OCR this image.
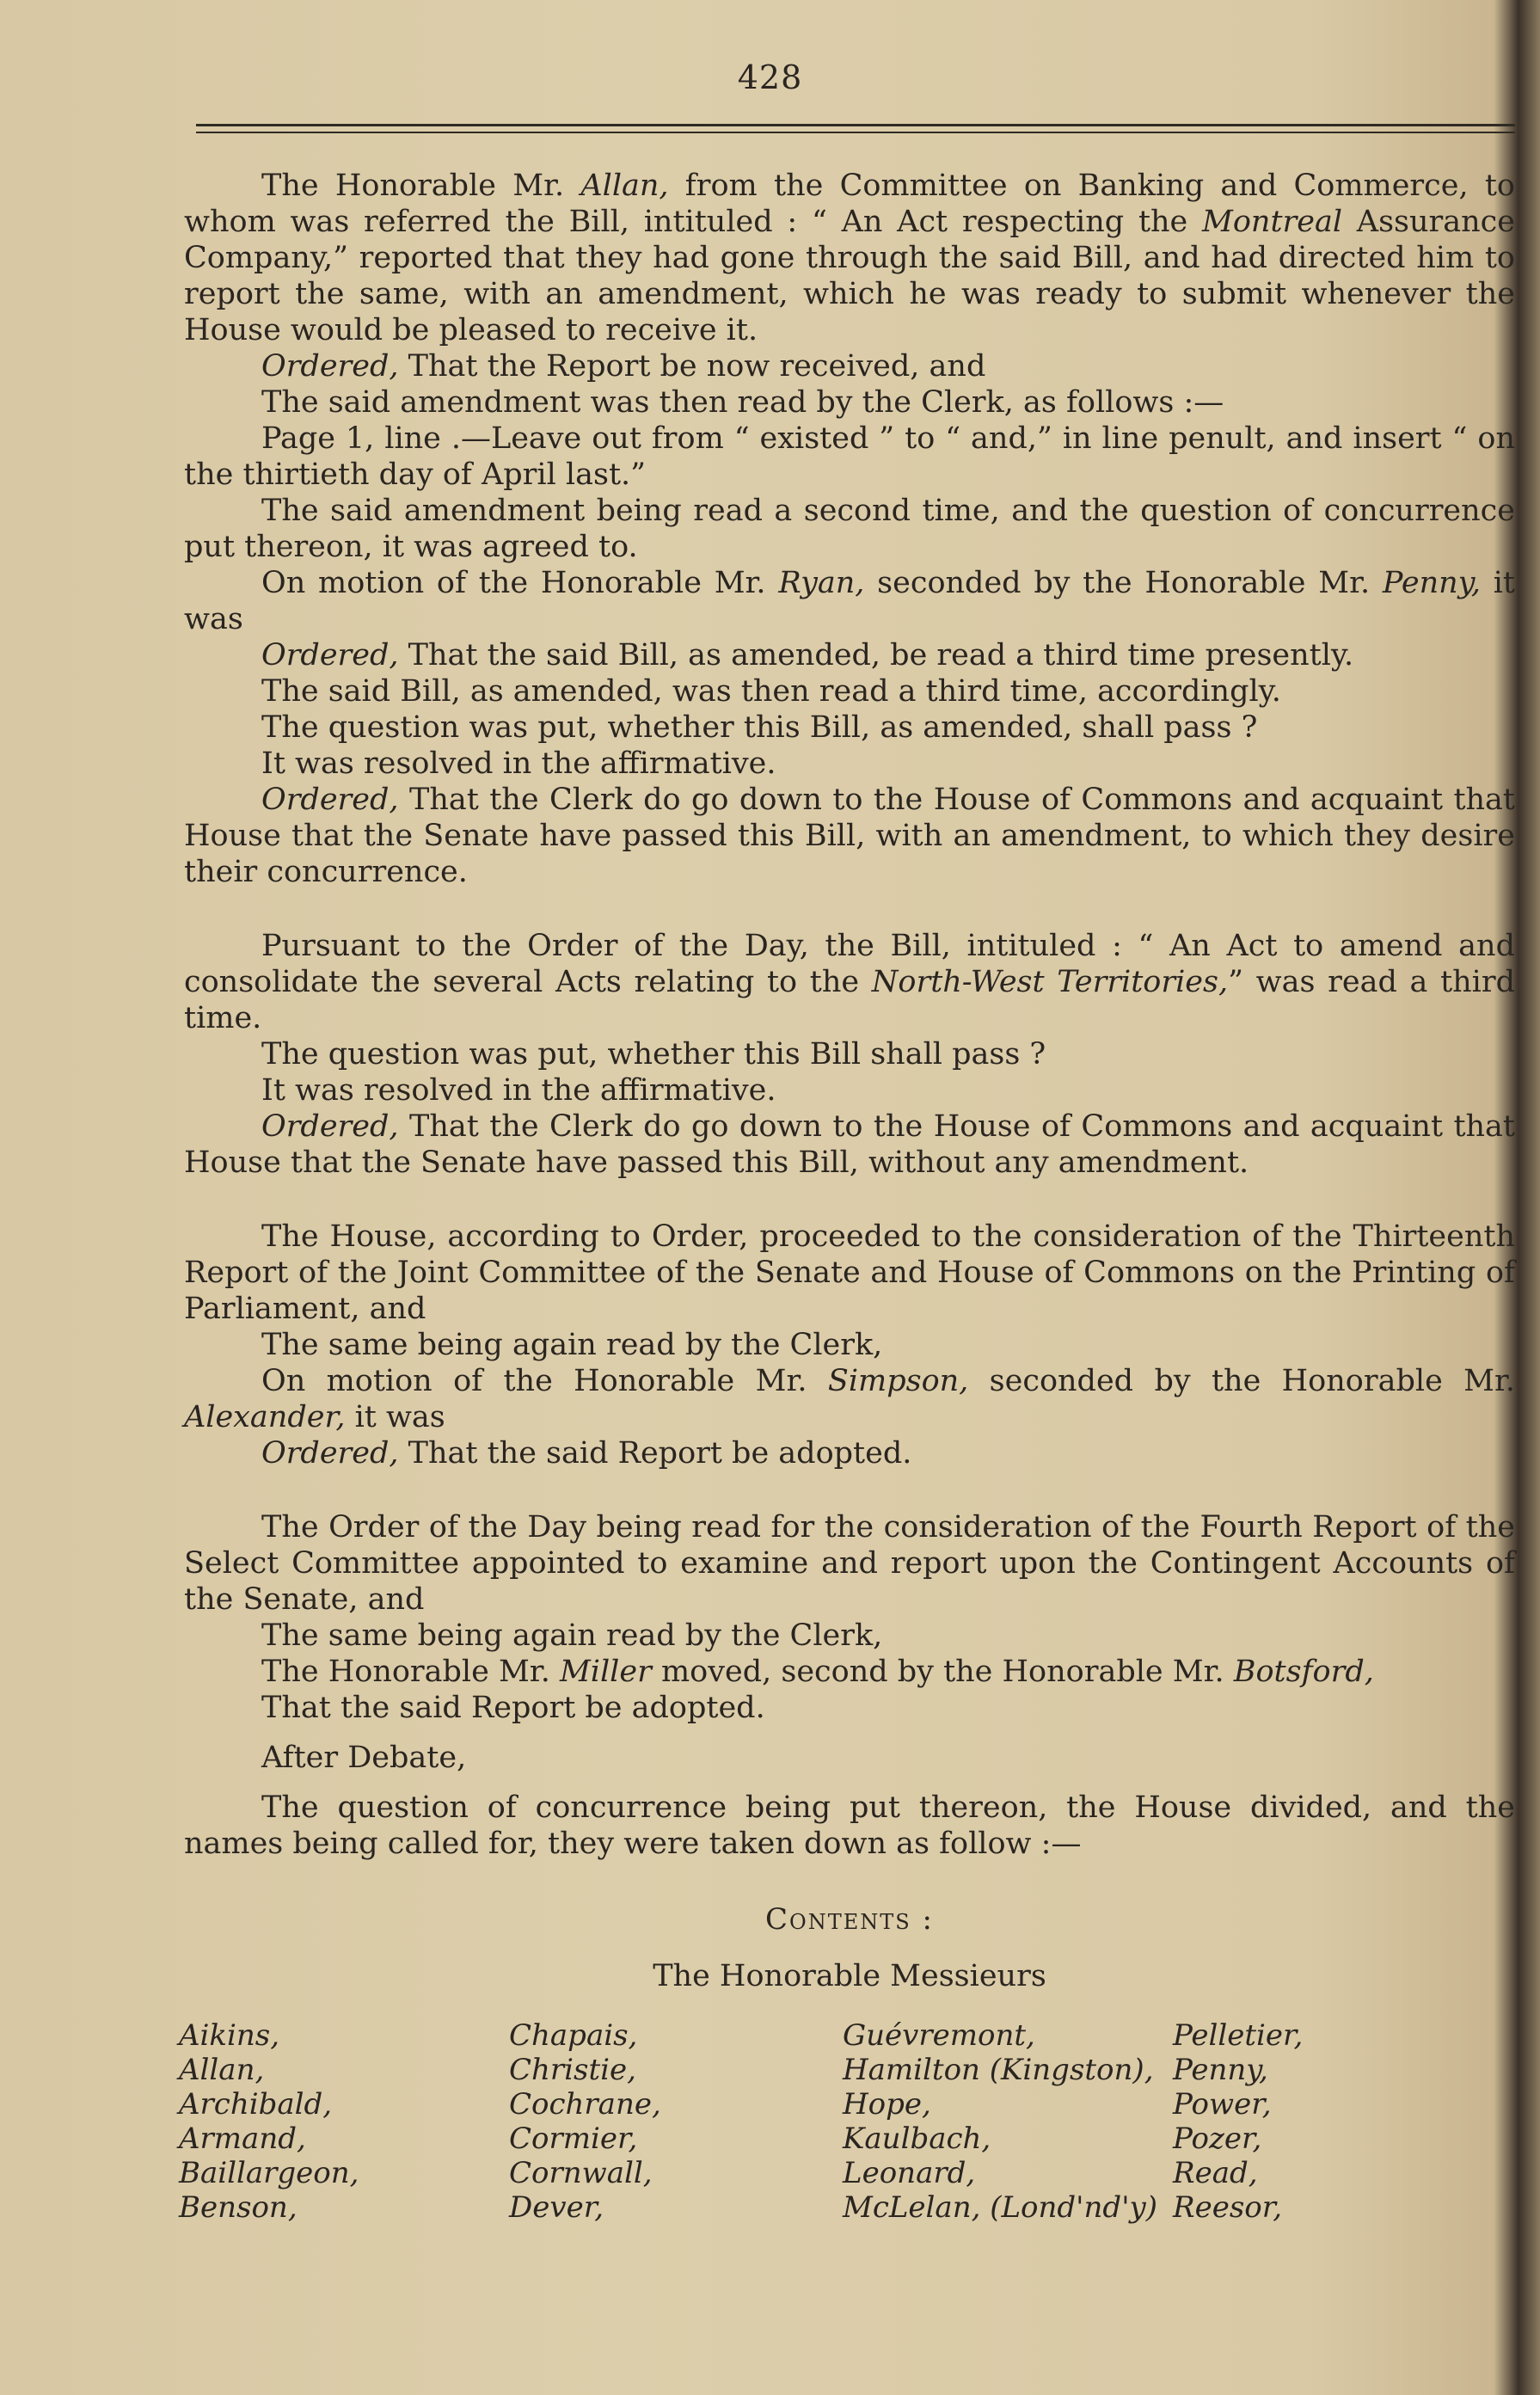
428

The Honorable Mr. Allan, from the Committee on Banking and Commerce, to whom was referred the Bill, intituled : “ An Act respecting the Montreal Assurance Company,” reported that they had gone through the said Bill, and had directed him to report the same, with an amendment, which he was ready to submit whenever the House would be pleased to receive it.

Ordered, That the Report be now received, and

The said amendment was then read by the Clerk, as follows :—

Page 1, line .—Leave out from “ existed ” to “ and,” in line penult, and insert “ on the thirtieth day of April last.”

The said amendment being read a second time, and the question of concurrence put thereon, it was agreed to.

On motion of the Honorable Mr. Ryan, seconded by the Honorable Mr. Penny, it was

Ordered, That the said Bill, as amended, be read a third time presently.

The said Bill, as amended, was then read a third time, accordingly.

The question was put, whether this Bill, as amended, shall pass ?

It was resolved in the affirmative.

Ordered, That the Clerk do go down to the House of Commons and acquaint that House that the Senate have passed this Bill, with an amendment, to which they desire their concurrence.

Pursuant to the Order of the Day, the Bill, intituled : “ An Act to amend and consolidate the several Acts relating to the North-West Territories,” was read a third time.

The question was put, whether this Bill shall pass ?

It was resolved in the affirmative.

Ordered, That the Clerk do go down to the House of Commons and acquaint that House that the Senate have passed this Bill, without any amendment.

The House, according to Order, proceeded to the consideration of the Thirteenth Report of the Joint Committee of the Senate and House of Commons on the Printing of Parliament, and

The same being again read by the Clerk,

On motion of the Honorable Mr. Simpson, seconded by the Honorable Mr. Alexander, it was

Ordered, That the said Report be adopted.

The Order of the Day being read for the consideration of the Fourth Report of the Select Committee appointed to examine and report upon the Contingent Accounts of the Senate, and

The same being again read by the Clerk,

The Honorable Mr. Miller moved, second by the Honorable Mr. Botsford,

That the said Report be adopted.

After Debate,

The question of concurrence being put thereon, the House divided, and the names being called for, they were taken down as follow :—

Contents :
The Honorable Messieurs
Aikins,	Chapais,	Guévremont,	Pelletier,
Allan,	Christie,	Hamilton (Kingston), Penny,
Archibald,	Cochrane,	Hope,	Power,
Armand,	Cormier,	Kaulbach,	Pozer,
Baillargeon,	Cornwall,	Leonard,	Read,
Benson,	Dever,	McLelan, (Lond'nd'y) Reesor,
